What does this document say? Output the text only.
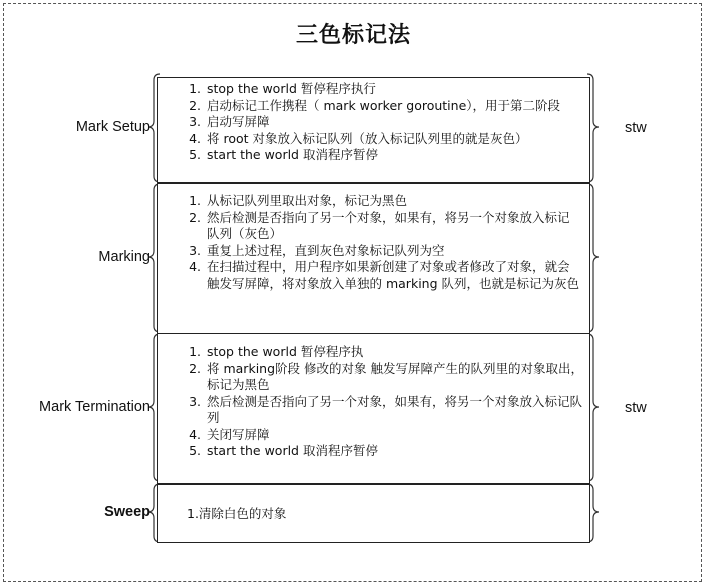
三色标记法
Mark Setup
1. stop the world 暂停程序执行
2. 启动标记工作携程（ mark worker goroutine），用于第二阶段
3. 启动写屏障
4. 将 root 对象放入标记队列（放入标记队列里的就是灰色）
5. start the world 取消程序暂停
stw
Marking
1. 从标记队列里取出对象，标记为黑色
2. 然后检测是否指向了另一个对象，如果有，将另一个对象放入标记队列（灰色）
3. 重复上述过程，直到灰色对象标记队列为空
4. 在扫描过程中，用户程序如果新创建了对象或者修改了对象，就会触发写屏障，将对象放入单独的 marking 队列，也就是标记为灰色
Mark Termination
1. stop the world 暂停程序执
2. 将 marking阶段 修改的对象 触发写屏障产生的队列里的对象取出，标记为黑色
3. 然后检测是否指向了另一个对象，如果有，将另一个对象放入标记队列
4. 关闭写屏障
5. start the world 取消程序暂停
stw
Sweep	1.清除白色的对象
